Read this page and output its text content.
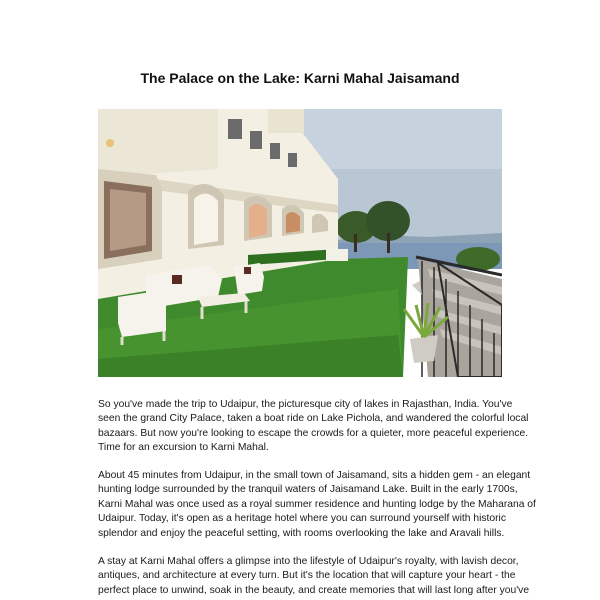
The Palace on the Lake: Karni Mahal Jaisamand
So you've made the trip to Udaipur, the picturesque city of lakes in Rajasthan, India. You've
seen the grand City Palace, taken a boat ride on Lake Pichola, and wandered the colorful local
bazaars. But now you're looking to escape the crowds for a quieter, more peaceful experience.
Time for an excursion to Karni Mahal.
About 45 minutes from Udaipur, in the small town of Jaisamand, sits a hidden gem - an elegant
hunting lodge surrounded by the tranquil waters of Jaisamand Lake. Built in the early 1700s,
Karni Mahal was once used as a royal summer residence and hunting lodge by the Maharana of
Udaipur. Today, it's open as a heritage hotel where you can surround yourself with historic
splendor and enjoy the peaceful setting, with rooms overlooking the lake and Aravali hills.
A stay at Karni Mahal offers a glimpse into the lifestyle of Udaipur's royalty, with lavish decor,
antiques, and architecture at every turn. But it's the location that will capture your heart - the
perfect place to unwind, soak in the beauty, and create memories that will last long after you've
